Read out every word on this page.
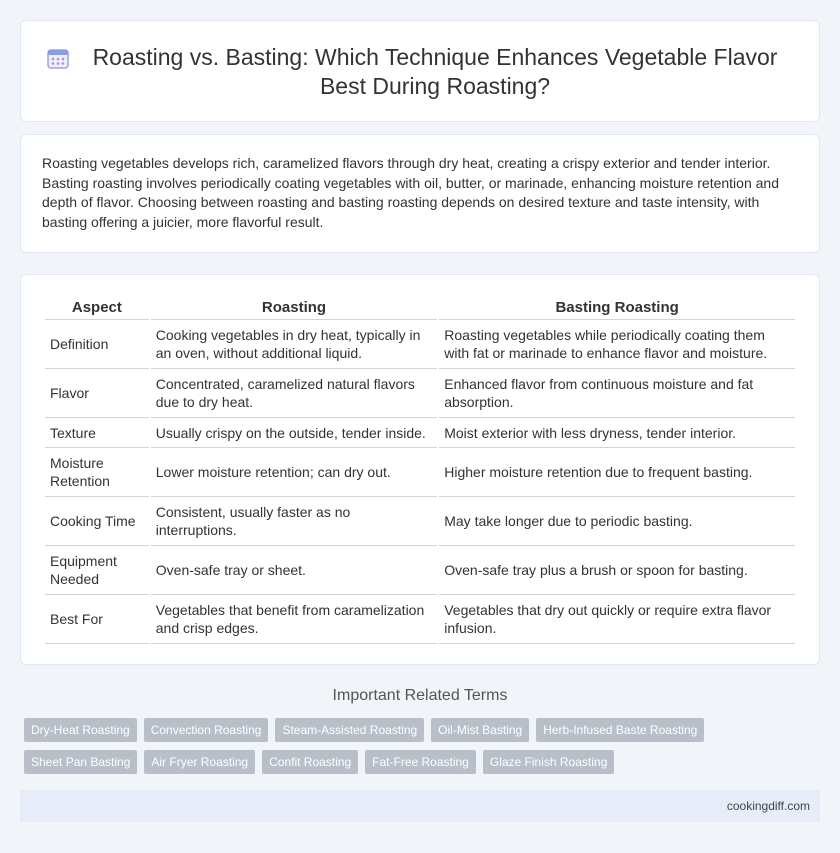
Roasting vs. Basting: Which Technique Enhances Vegetable Flavor Best During Roasting?

Roasting vegetables develops rich, caramelized flavors through dry heat, creating a crispy exterior and tender interior. Basting roasting involves periodically coating vegetables with oil, butter, or marinade, enhancing moisture retention and depth of flavor. Choosing between roasting and basting roasting depends on desired texture and taste intensity, with basting offering a juicier, more flavorful result.

Aspect	Roasting	Basting Roasting
Definition	Cooking vegetables in dry heat, typically in an oven, without additional liquid.	Roasting vegetables while periodically coating them with fat or marinade to enhance flavor and moisture.
Flavor	Concentrated, caramelized natural flavors due to dry heat.	Enhanced flavor from continuous moisture and fat absorption.
Texture	Usually crispy on the outside, tender inside.	Moist exterior with less dryness, tender interior.
Moisture Retention	Lower moisture retention; can dry out.	Higher moisture retention due to frequent basting.
Cooking Time	Consistent, usually faster as no interruptions.	May take longer due to periodic basting.
Equipment Needed	Oven-safe tray or sheet.	Oven-safe tray plus a brush or spoon for basting.
Best For	Vegetables that benefit from caramelization and crisp edges.	Vegetables that dry out quickly or require extra flavor infusion.
Important Related Terms
Dry-Heat Roasting	Convection Roasting	Steam-Assisted Roasting	Oil-Mist Basting	Herb-Infused Baste Roasting
Sheet Pan Basting	Air Fryer Roasting	Confit Roasting	Fat-Free Roasting	Glaze Finish Roasting
cookingdiff.com
